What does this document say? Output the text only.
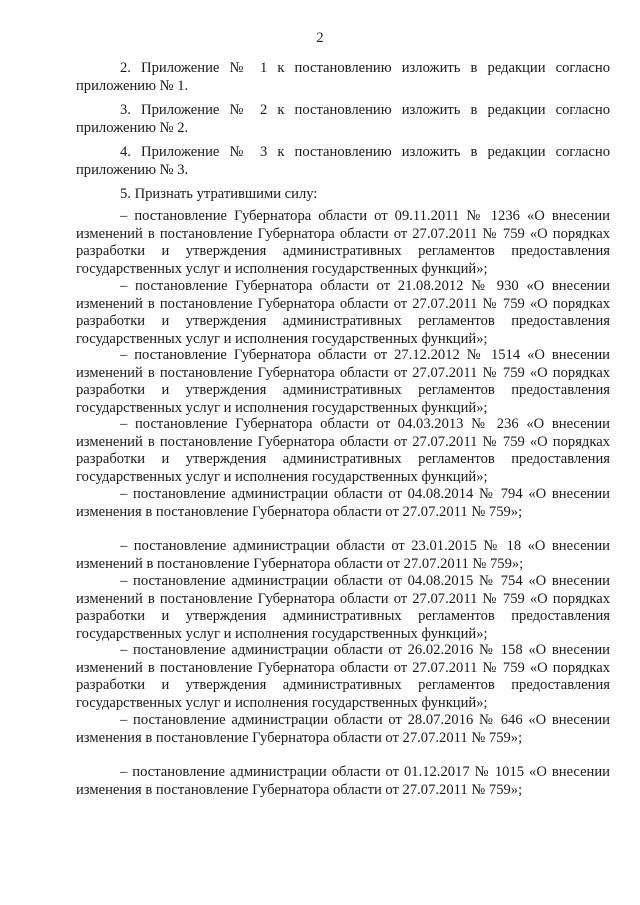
2

2. Приложение № 1 к постановлению изложить в редакции согласно приложению № 1.

3. Приложение № 2 к постановлению изложить в редакции согласно приложению № 2.

4. Приложение № 3 к постановлению изложить в редакции согласно приложению № 3.

5. Признать утратившими силу:

– постановление Губернатора области от 09.11.2011 № 1236 «О внесении изменений в постановление Губернатора области от 27.07.2011 № 759 «О порядках разработки и утверждения административных регламентов предоставления государственных услуг и исполнения государственных функций»;

– постановление Губернатора области от 21.08.2012 № 930 «О внесении изменений в постановление Губернатора области от 27.07.2011 № 759 «О порядках разработки и утверждения административных регламентов предоставления государственных услуг и исполнения государственных функций»;

– постановление Губернатора области от 27.12.2012 № 1514 «О внесении изменений в постановление Губернатора области от 27.07.2011 № 759 «О порядках разработки и утверждения административных регламентов предоставления государственных услуг и исполнения государственных функций»;

– постановление Губернатора области от 04.03.2013 № 236 «О внесении изменений в постановление Губернатора области от 27.07.2011 № 759 «О порядках разработки и утверждения административных регламентов предоставления государственных услуг и исполнения государственных функций»;

– постановление администрации области от 04.08.2014 № 794 «О внесении изменения в постановление Губернатора области от 27.07.2011 № 759»;

– постановление администрации области от 23.01.2015 № 18 «О внесении изменений в постановление Губернатора области от 27.07.2011 № 759»;

– постановление администрации области от 04.08.2015 № 754 «О внесении изменений в постановление Губернатора области от 27.07.2011 № 759 «О порядках разработки и утверждения административных регламентов предоставления государственных услуг и исполнения государственных функций»;

– постановление администрации области от 26.02.2016 № 158 «О внесении изменений в постановление Губернатора области от 27.07.2011 № 759 «О порядках разработки и утверждения административных регламентов предоставления государственных услуг и исполнения государственных функций»;

– постановление администрации области от 28.07.2016 № 646 «О внесении изменения в постановление Губернатора области от 27.07.2011 № 759»;

– постановление администрации области от 01.12.2017 № 1015 «О внесении изменения в постановление Губернатора области от 27.07.2011 № 759»;
